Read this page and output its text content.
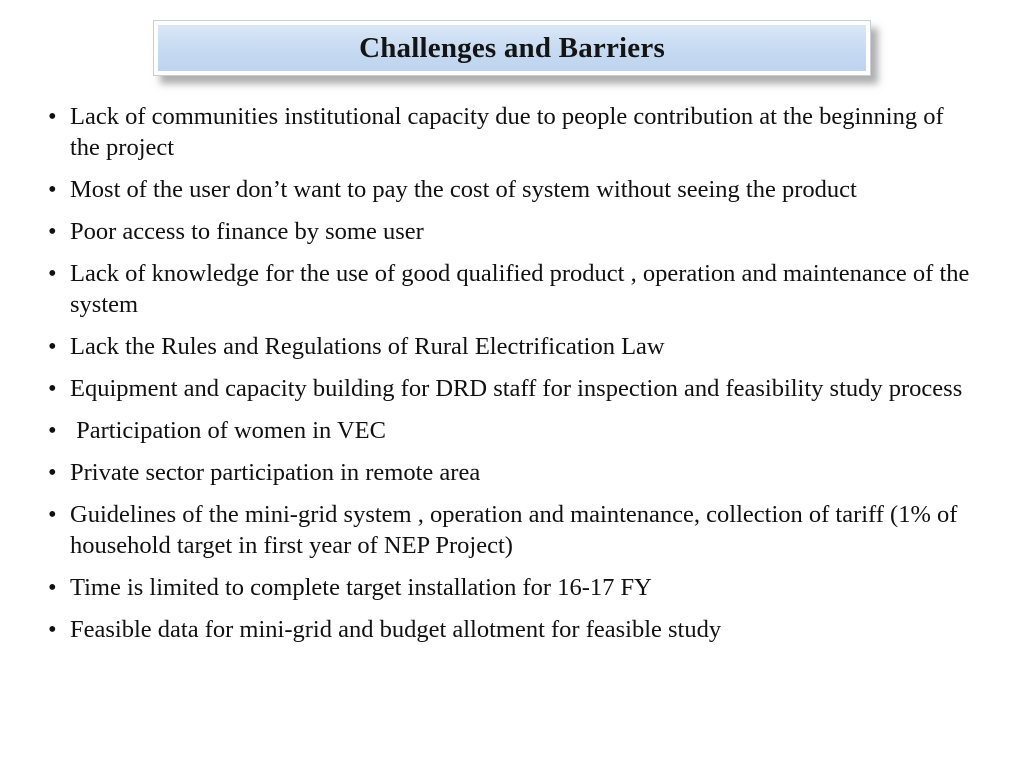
Challenges and Barriers
• Lack of communities institutional capacity due to people contribution at the beginning of the project
• Most of the user don’t want to pay the cost of system without seeing the product
• Poor access to finance by some user
• Lack of knowledge for the use of good qualified product , operation and maintenance of the system
• Lack the Rules and Regulations of Rural Electrification Law
• Equipment and capacity building for DRD staff for inspection and feasibility study process
• Participation of women in VEC
• Private sector participation in remote area
• Guidelines of the mini-grid system , operation and maintenance, collection of tariff (1% of household target in first year of NEP Project)
• Time is limited to complete target installation for 16-17 FY
• Feasible data for mini-grid and budget allotment for feasible study
